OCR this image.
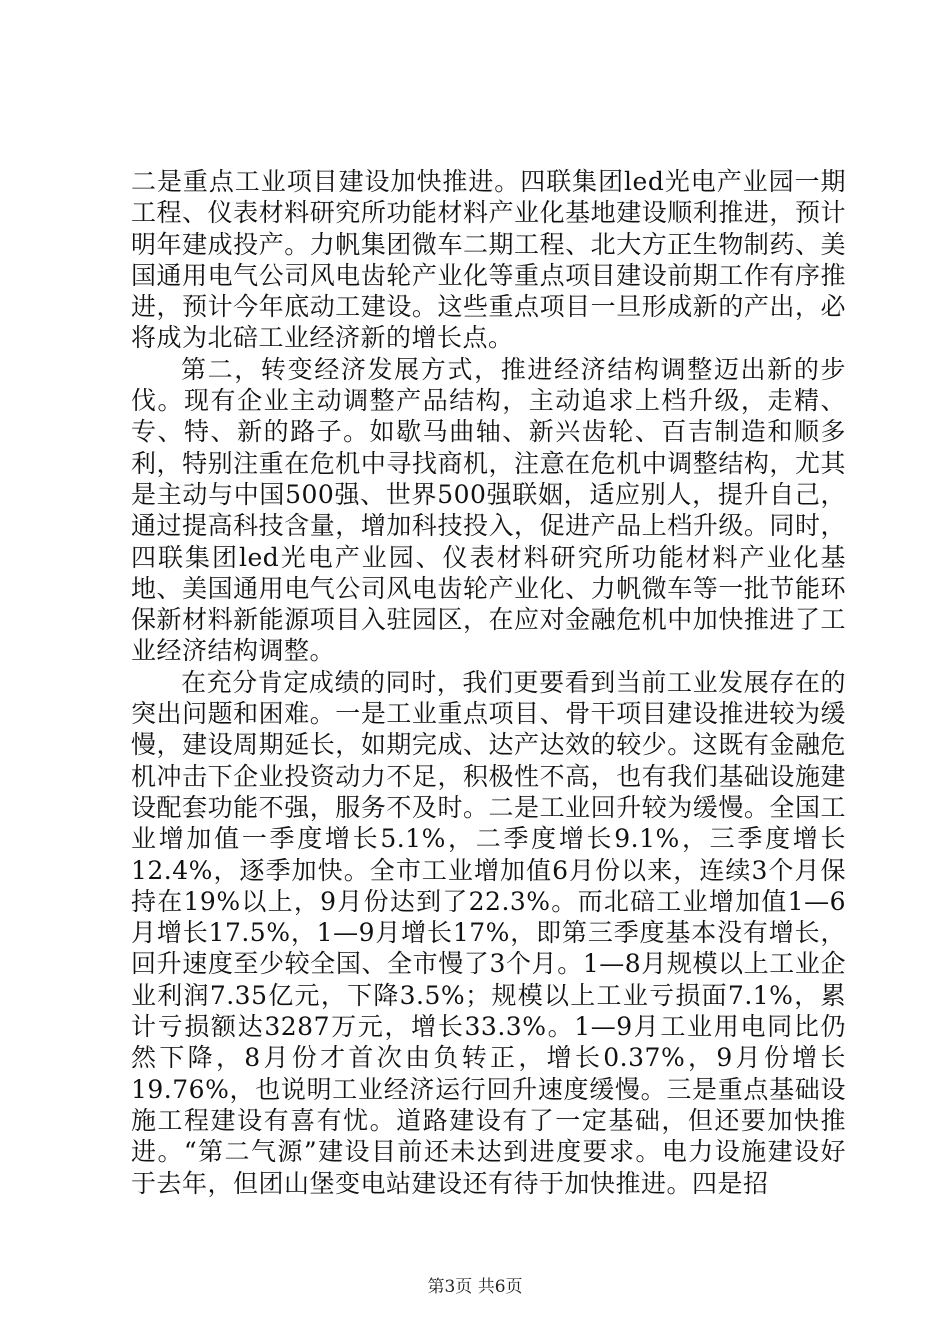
二是重点工业项目建设加快推进。四联集团led光电产业园一期工程、仪表材料研究所功能材料产业化基地建设顺利推进，预计明年建成投产。力帆集团微车二期工程、北大方正生物制药、美国通用电气公司风电齿轮产业化等重点项目建设前期工作有序推进，预计今年底动工建设。这些重点项目一旦形成新的产出，必将成为北碚工业经济新的增长点。

第二，转变经济发展方式，推进经济结构调整迈出新的步伐。现有企业主动调整产品结构，主动追求上档升级，走精、专、特、新的路子。如歇马曲轴、新兴齿轮、百吉制造和顺多利，特别注重在危机中寻找商机，注意在危机中调整结构，尤其是主动与中国500强、世界500强联姻，适应别人，提升自己，通过提高科技含量，增加科技投入，促进产品上档升级。同时，四联集团led光电产业园、仪表材料研究所功能材料产业化基地、美国通用电气公司风电齿轮产业化、力帆微车等一批节能环保新材料新能源项目入驻园区，在应对金融危机中加快推进了工业经济结构调整。

在充分肯定成绩的同时，我们更要看到当前工业发展存在的突出问题和困难。一是工业重点项目、骨干项目建设推进较为缓慢，建设周期延长，如期完成、达产达效的较少。这既有金融危机冲击下企业投资动力不足，积极性不高，也有我们基础设施建设配套功能不强，服务不及时。二是工业回升较为缓慢。全国工业增加值一季度增长5.1%，二季度增长9.1%，三季度增长12.4%，逐季加快。全市工业增加值6月份以来，连续3个月保持在19%以上，9月份达到了22.3%。而北碚工业增加值1—6月增长17.5%，1—9月增长17%，即第三季度基本没有增长，回升速度至少较全国、全市慢了3个月。1—8月规模以上工业企业利润7.35亿元，下降3.5%；规模以上工业亏损面7.1%，累计亏损额达3287万元，增长33.3%。1—9月工业用电同比仍然下降，8月份才首次由负转正，增长0.37%，9月份增长19.76%，也说明工业经济运行回升速度缓慢。三是重点基础设施工程建设有喜有忧。道路建设有了一定基础，但还要加快推进。“第二气源”建设目前还未达到进度要求。电力设施建设好于去年，但团山堡变电站建设还有待于加快推进。四是招

第3页 共6页
